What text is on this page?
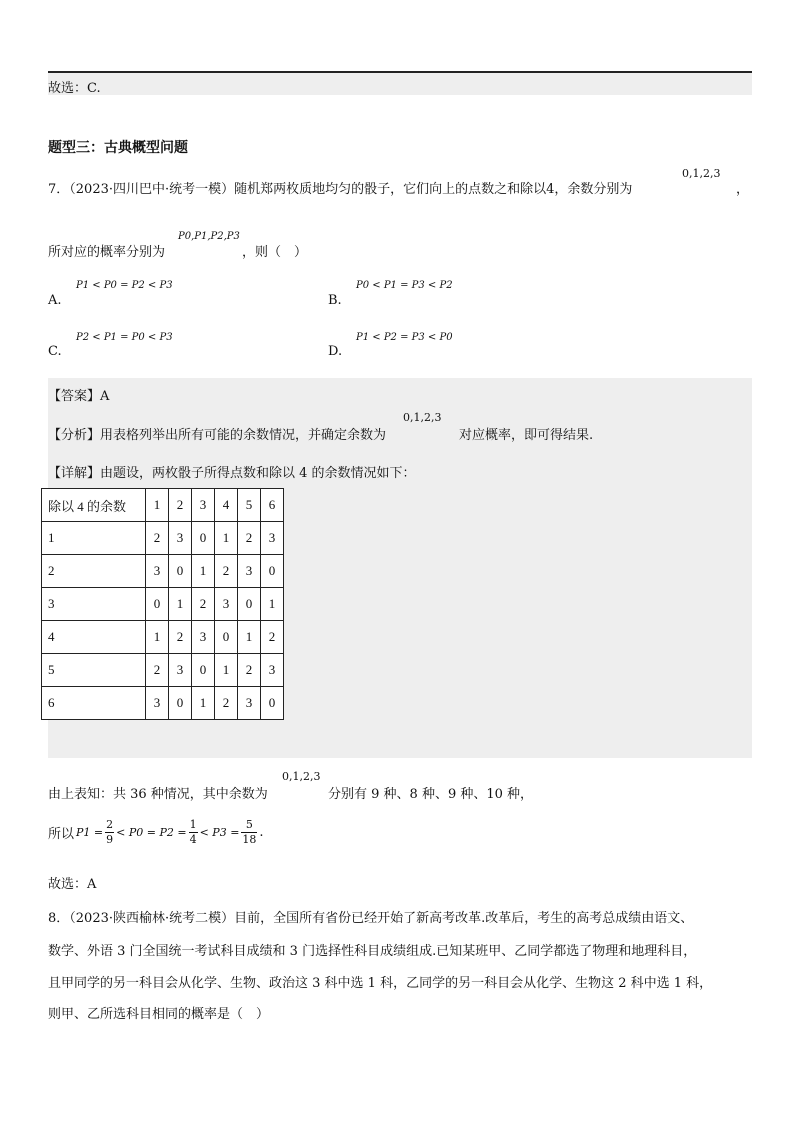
故选：C.
题型三：古典概型问题
7．（2023·四川巴中·统考一模）随机郑两枚质地均匀的骰子，它们向上的点数之和除以4，余数分别为
0,1,2,3
，
所对应的概率分别为
P0,P1,P2,P3
，则（　）
A.
P1 < P0 = P2 < P3
B.
P0 < P1 = P3 < P2
C.
P2 < P1 = P0 < P3
D.
P1 < P2 = P3 < P0
【答案】A
【分析】用表格列举出所有可能的余数情况，并确定余数为
0,1,2,3
对应概率，即可得结果.
【详解】由题设，两枚骰子所得点数和除以 4 的余数情况如下：
除以 4 的余数	1	2	3	4	5	6
1	2	3	0	1	2	3
2	3	0	1	2	3	0
3	0	1	2	3	0	1
4	1	2	3	0	1	2
5	2	3	0	1	2	3
6	3	0	1	2	3	0
由上表知：共 36 种情况，其中余数为
0,1,2,3
分别有 9 种、8 种、9 种、10 种，
所以 $P1 = \frac{2}{9} < P0 = P2 = \frac{1}{4} < P3 = \frac{5}{18}$ .
故选：A
8．（2023·陕西榆林·统考二模）目前，全国所有省份已经开始了新高考改革.改革后，考生的高考总成绩由语文、
数学、外语 3 门全国统一考试科目成绩和 3 门选择性科目成绩组成.已知某班甲、乙同学都选了物理和地理科目，
且甲同学的另一科目会从化学、生物、政治这 3 科中选 1 科，乙同学的另一科目会从化学、生物这 2 科中选 1 科，
则甲、乙所选科目相同的概率是（　）
